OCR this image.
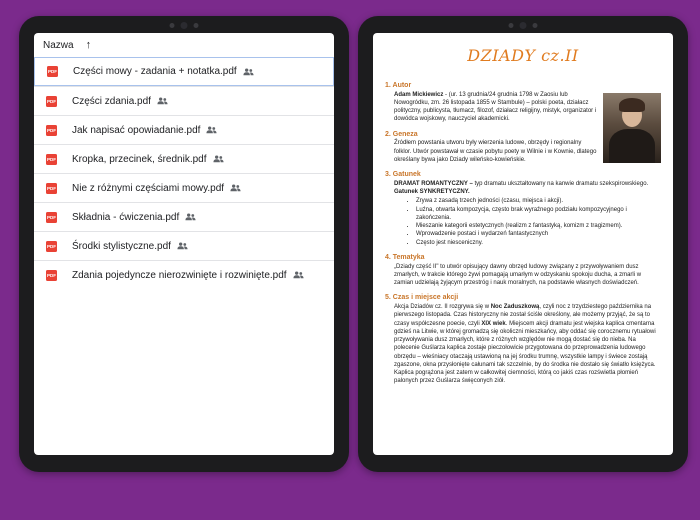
Nazwa ↑
PDF Części mowy - zadania + notatka.pdf
PDF Części zdania.pdf
PDF Jak napisać opowiadanie.pdf
PDF Kropka, przecinek, średnik.pdf
PDF Nie z różnymi częściami mowy.pdf
PDF Składnia - ćwiczenia.pdf
PDF Środki stylistyczne.pdf
PDF Zdania pojedyncze nierozwinięte i rozwinięte.pdf
DZIADY cz.II
1. Autor
Adam Mickiewicz - (ur. 13 grudnia/24 grudnia 1798 w Zaosiu lub Nowogródku, zm. 26 listopada 1855 w Stambule) – polski poeta, działacz polityczny, publicysta, tłumacz, filozof, działacz religijny, mistyk, organizator i dowódca wojskowy, nauczyciel akademicki.
2. Geneza
Źródłem powstania utworu były wierzenia ludowe, obrzędy i regionalny folklor. Utwór powstawał w czasie pobytu poety w Wilnie i w Kownie, dlatego określany bywa jako Dziady wileńsko-kowieńskie.
3. Gatunek
DRAMAT ROMANTYCZNY – typ dramatu ukształtowany na kanwie dramatu szekspirowskiego.
Gatunek SYNKRETYCZNY.
• Zrywa z zasadą trzech jedności (czasu, miejsca i akcji).
• Luźna, otwarta kompozycja, często brak wyraźnego podziału kompozycyjnego i zakończenia.
• Mieszanie kategorii estetycznych (realizm z fantastyką, komizm z tragizmem).
• Wprowadzenie postaci i wydarzeń fantastycznych
• Często jest niesceniczny.
4. Tematyka
„Dziady część II" to utwór opisujący dawny obrzęd ludowy związany z przywoływaniem dusz zmarłych, w trakcie którego żywi pomagają umarłym w odzyskaniu spokoju ducha, a zmarli w zamian udzielają żyjącym przestróg i nauk moralnych, na podstawie własnych doświadczeń.
5. Czas i miejsce akcji
Akcja Dziadów cz. II rozgrywa się w Noc Zaduszkową, czyli noc z trzydziestego października na pierwszego listopada. Czas historyczny nie został ściśle określony, ale możemy przyjąć, że są to czasy współczesne poecie, czyli XIX wiek. Miejscem akcji dramatu jest wiejska kaplica cmentarna gdzieś na Litwie, w której gromadzą się okoliczni mieszkańcy, aby oddać się corocznemu rytuałowi przywoływania dusz zmarłych, które z różnych względów nie mogą dostać się do nieba. Na polecenie Guślarza kaplica zostaje pieczołowicie przygotowana do przeprowadzenia ludowego obrzędu – wieśniacy otaczają ustawioną na jej środku trumnę, wszystkie lampy i świece zostają zgaszone, okna przysłonięte całunami tak szczelnie, by do środka nie dostało się światło księżyca. Kaplica pogrążona jest zatem w całkowitej ciemności, którą co jakiś czas rozświetla płomień palonych przez Guślarza święconych ziół.
